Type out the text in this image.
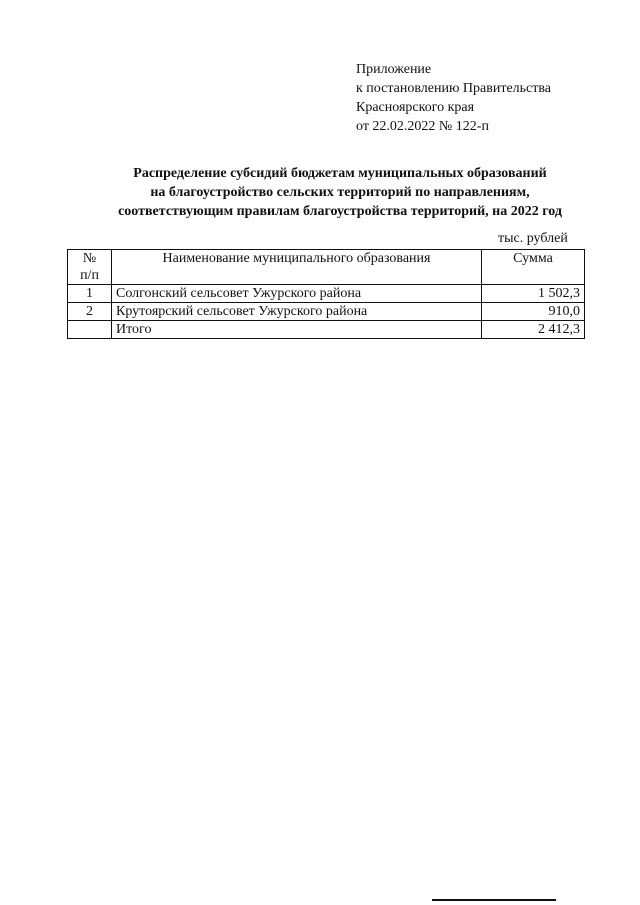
Приложение
к постановлению Правительства
Красноярского края
от 22.02.2022 № 122-п
Распределение субсидий бюджетам муниципальных образований
на благоустройство сельских территорий по направлениям,
соответствующим правилам благоустройства территорий, на 2022 год
тыс. рублей
№
п/п	Наименование муниципального образования	Сумма
1	Солгонский сельсовет Ужурского района	1 502,3
2	Крутоярский сельсовет Ужурского района	910,0
	Итого	2 412,3
